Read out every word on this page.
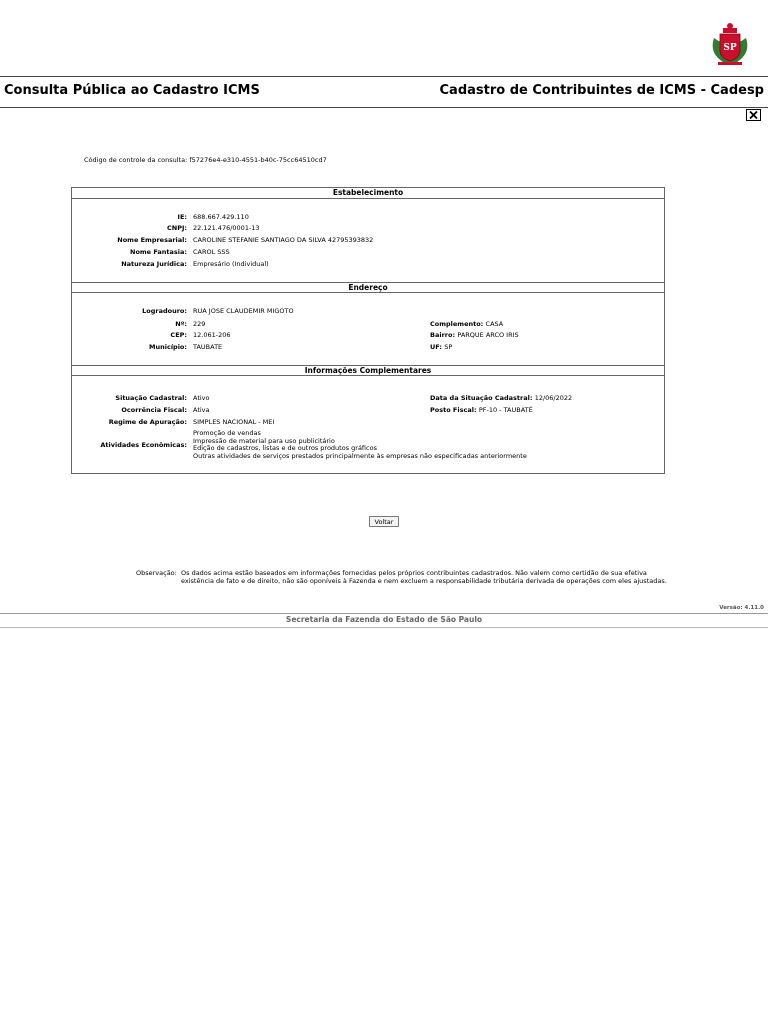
SP
Consulta Pública ao Cadastro ICMS	Cadastro de Contribuintes de ICMS - Cadesp
Código de controle da consulta: f57276e4-e310-4551-b40c-75cc64510cd7
Estabelecimento
IE: 688.667.429.110
CNPJ: 22.121.476/0001-13
Nome Empresarial: CAROLINE STEFANIE SANTIAGO DA SILVA 42795393832
Nome Fantasia: CAROL SSS
Natureza Jurídica: Empresário (Individual)
Endereço
Logradouro: RUA JOSE CLAUDEMIR MIGOTO
Nº: 229	Complemento: CASA
CEP: 12.061-206	Bairro: PARQUE ARCO IRIS
Município: TAUBATE	UF: SP
Informações Complementares
Situação Cadastral: Ativo	Data da Situação Cadastral: 12/06/2022
Ocorrência Fiscal: Ativa	Posto Fiscal: PF-10 - TAUBATÉ
Regime de Apuração: SIMPLES NACIONAL - MEI
Atividades Econômicas:
Promoção de vendas
Impressão de material para uso publicitário
Edição de cadastros, listas e de outros produtos gráficos
Outras atividades de serviços prestados principalmente às empresas não especificadas anteriormente
Voltar
Observação: Os dados acima estão baseados em informações fornecidas pelos próprios contribuintes cadastrados. Não valem como certidão de sua efetiva existência de fato e de direito, não são oponíveis à Fazenda e nem excluem a responsabilidade tributária derivada de operações com eles ajustadas.
Versão: 4.11.0
Secretaria da Fazenda do Estado de São Paulo
